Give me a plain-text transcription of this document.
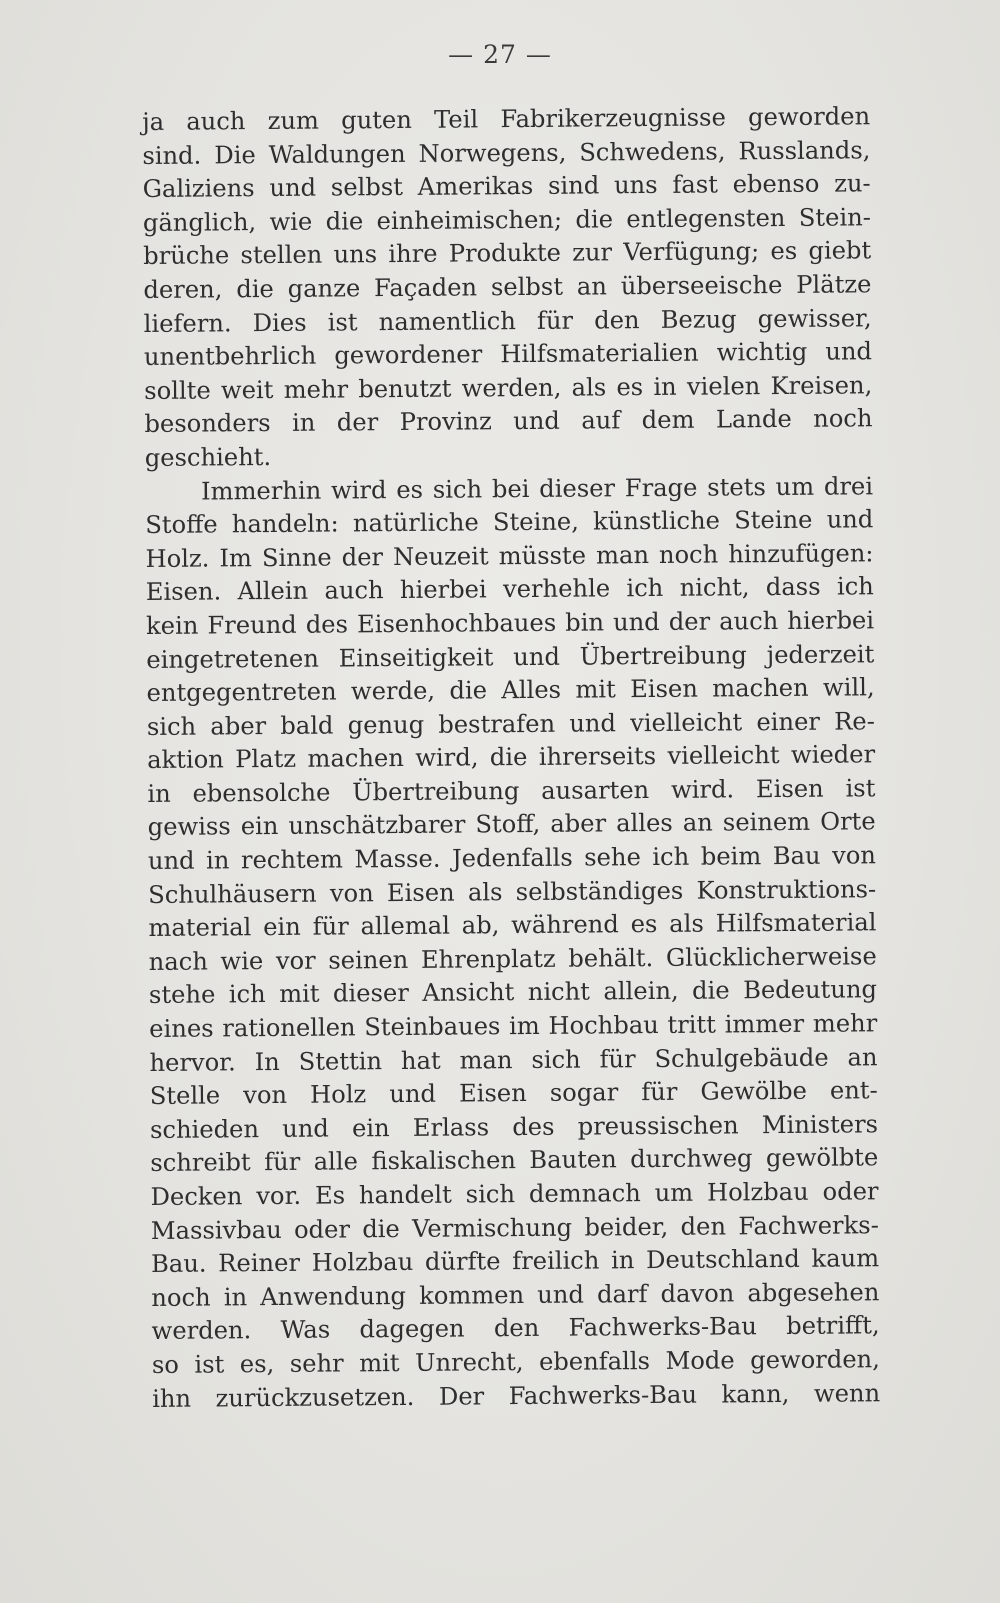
— 27 —
ja auch zum guten Teil Fabrikerzeugnisse geworden
sind. Die Waldungen Norwegens, Schwedens, Russlands,
Galiziens und selbst Amerikas sind uns fast ebenso zu-
gänglich, wie die einheimischen; die entlegensten Stein-
brüche stellen uns ihre Produkte zur Verfügung; es giebt
deren, die ganze Façaden selbst an überseeische Plätze
liefern. Dies ist namentlich für den Bezug gewisser,
unentbehrlich gewordener Hilfsmaterialien wichtig und
sollte weit mehr benutzt werden, als es in vielen Kreisen,
besonders in der Provinz und auf dem Lande noch
geschieht.
Immerhin wird es sich bei dieser Frage stets um drei
Stoffe handeln: natürliche Steine, künstliche Steine und
Holz. Im Sinne der Neuzeit müsste man noch hinzufügen:
Eisen. Allein auch hierbei verhehle ich nicht, dass ich
kein Freund des Eisenhochbaues bin und der auch hierbei
eingetretenen Einseitigkeit und Übertreibung jederzeit
entgegentreten werde, die Alles mit Eisen machen will,
sich aber bald genug bestrafen und vielleicht einer Re-
aktion Platz machen wird, die ihrerseits vielleicht wieder
in ebensolche Übertreibung ausarten wird. Eisen ist
gewiss ein unschätzbarer Stoff, aber alles an seinem Orte
und in rechtem Masse. Jedenfalls sehe ich beim Bau von
Schulhäusern von Eisen als selbständiges Konstruktions-
material ein für allemal ab, während es als Hilfsmaterial
nach wie vor seinen Ehrenplatz behält. Glücklicherweise
stehe ich mit dieser Ansicht nicht allein, die Bedeutung
eines rationellen Steinbaues im Hochbau tritt immer mehr
hervor. In Stettin hat man sich für Schulgebäude an
Stelle von Holz und Eisen sogar für Gewölbe ent-
schieden und ein Erlass des preussischen Ministers
schreibt für alle fiskalischen Bauten durchweg gewölbte
Decken vor. Es handelt sich demnach um Holzbau oder
Massivbau oder die Vermischung beider, den Fachwerks-
Bau. Reiner Holzbau dürfte freilich in Deutschland kaum
noch in Anwendung kommen und darf davon abgesehen
werden. Was dagegen den Fachwerks-Bau betrifft,
so ist es, sehr mit Unrecht, ebenfalls Mode geworden,
ihn zurückzusetzen. Der Fachwerks-Bau kann, wenn
